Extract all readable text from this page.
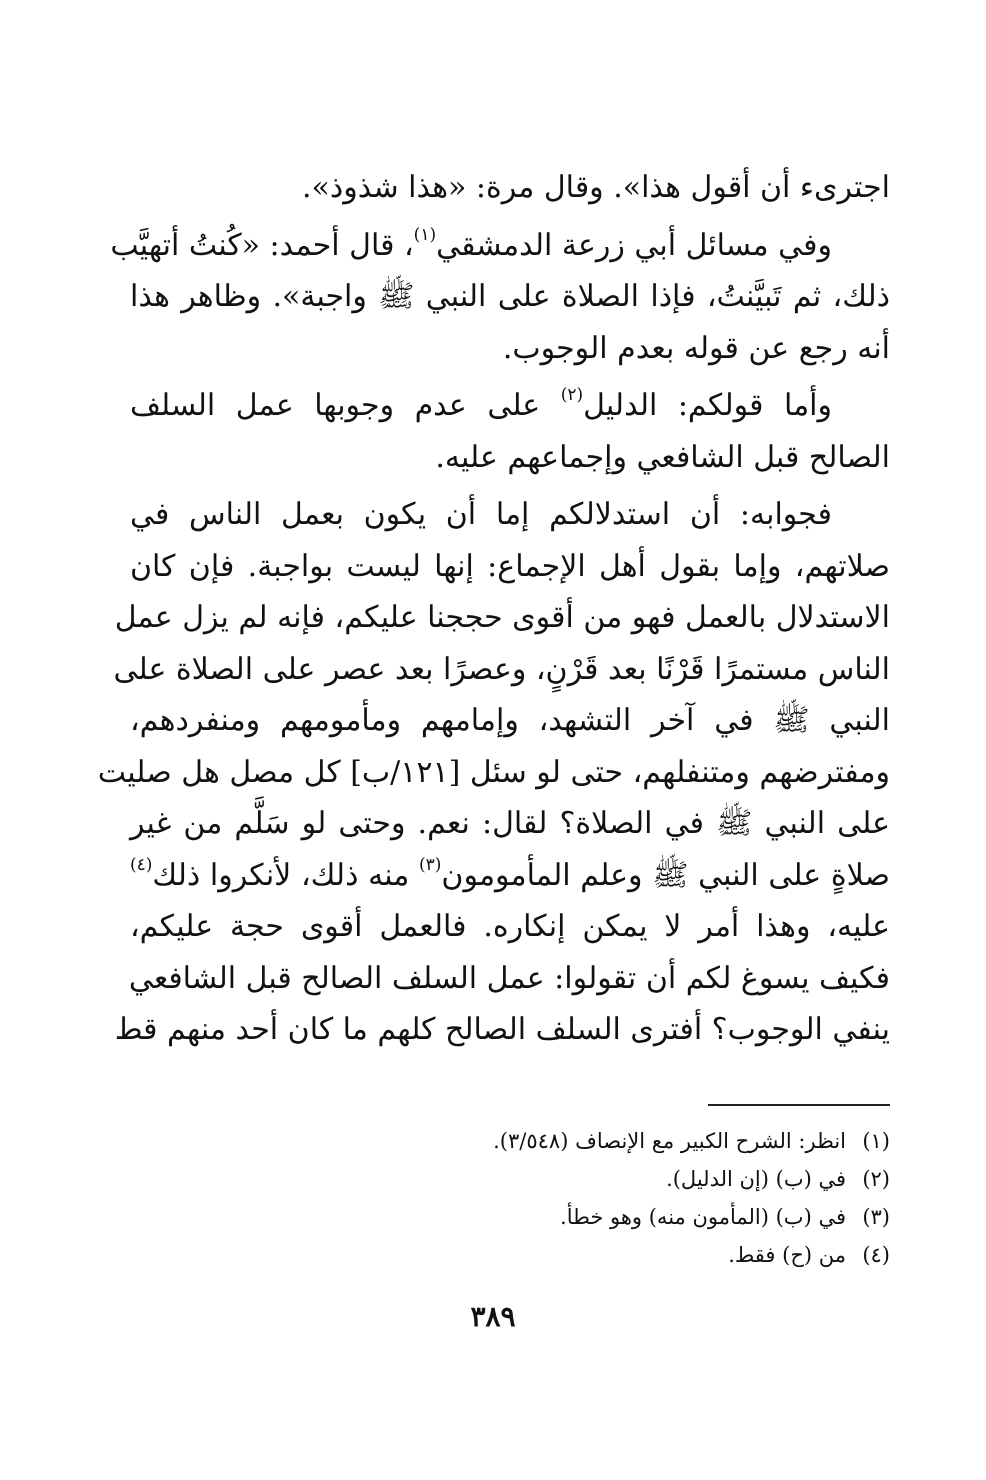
اجترىء أن أقول هذا». وقال مرة: «هذا شذوذ».

وفي مسائل أبي زرعة الدمشقي$^{(١)}$، قال أحمد: «كُنتُ أتهيَّب
ذلك، ثم تَبيَّنتُ، فإذا الصلاة على النبي ﷺ واجبة». وظاهر هذا
أنه رجع عن قوله بعدم الوجوب.

وأما قولكم: الدليل$^{(٢)}$ على عدم وجوبها عمل السلف
الصالح قبل الشافعي وإجماعهم عليه.

فجوابه: أن استدلالكم إما أن يكون بعمل الناس في
صلاتهم، وإما بقول أهل الإجماع: إنها ليست بواجبة. فإن كان
الاستدلال بالعمل فهو من أقوى حججنا عليكم، فإنه لم يزل عمل
الناس مستمرًا قَرْنًا بعد قَرْنٍ، وعصرًا بعد عصر على الصلاة على
النبي ﷺ في آخر التشهد، وإمامهم ومأمومهم ومنفردهم،
ومفترضهم ومتنفلهم، حتى لو سئل [١٢١/ب] كل مصل هل صليت
على النبي ﷺ في الصلاة؟ لقال: نعم. وحتى لو سَلَّم من غير
صلاةٍ على النبي ﷺ وعلم المأمومون$^{(٣)}$ منه ذلك، لأنكروا ذلك$^{(٤)}$
عليه، وهذا أمر لا يمكن إنكاره. فالعمل أقوى حجة عليكم،
فكيف يسوغ لكم أن تقولوا: عمل السلف الصالح قبل الشافعي
ينفي الوجوب؟ أفترى السلف الصالح كلهم ما كان أحد منهم قط

(١)انظر: الشرح الكبير مع الإنصاف (٣/٥٤٨).
(٢)في (ب) (إن الدليل).
(٣)في (ب) (المأمون منه) وهو خطأ.
(٤)من (ح) فقط.
٣٨٩
